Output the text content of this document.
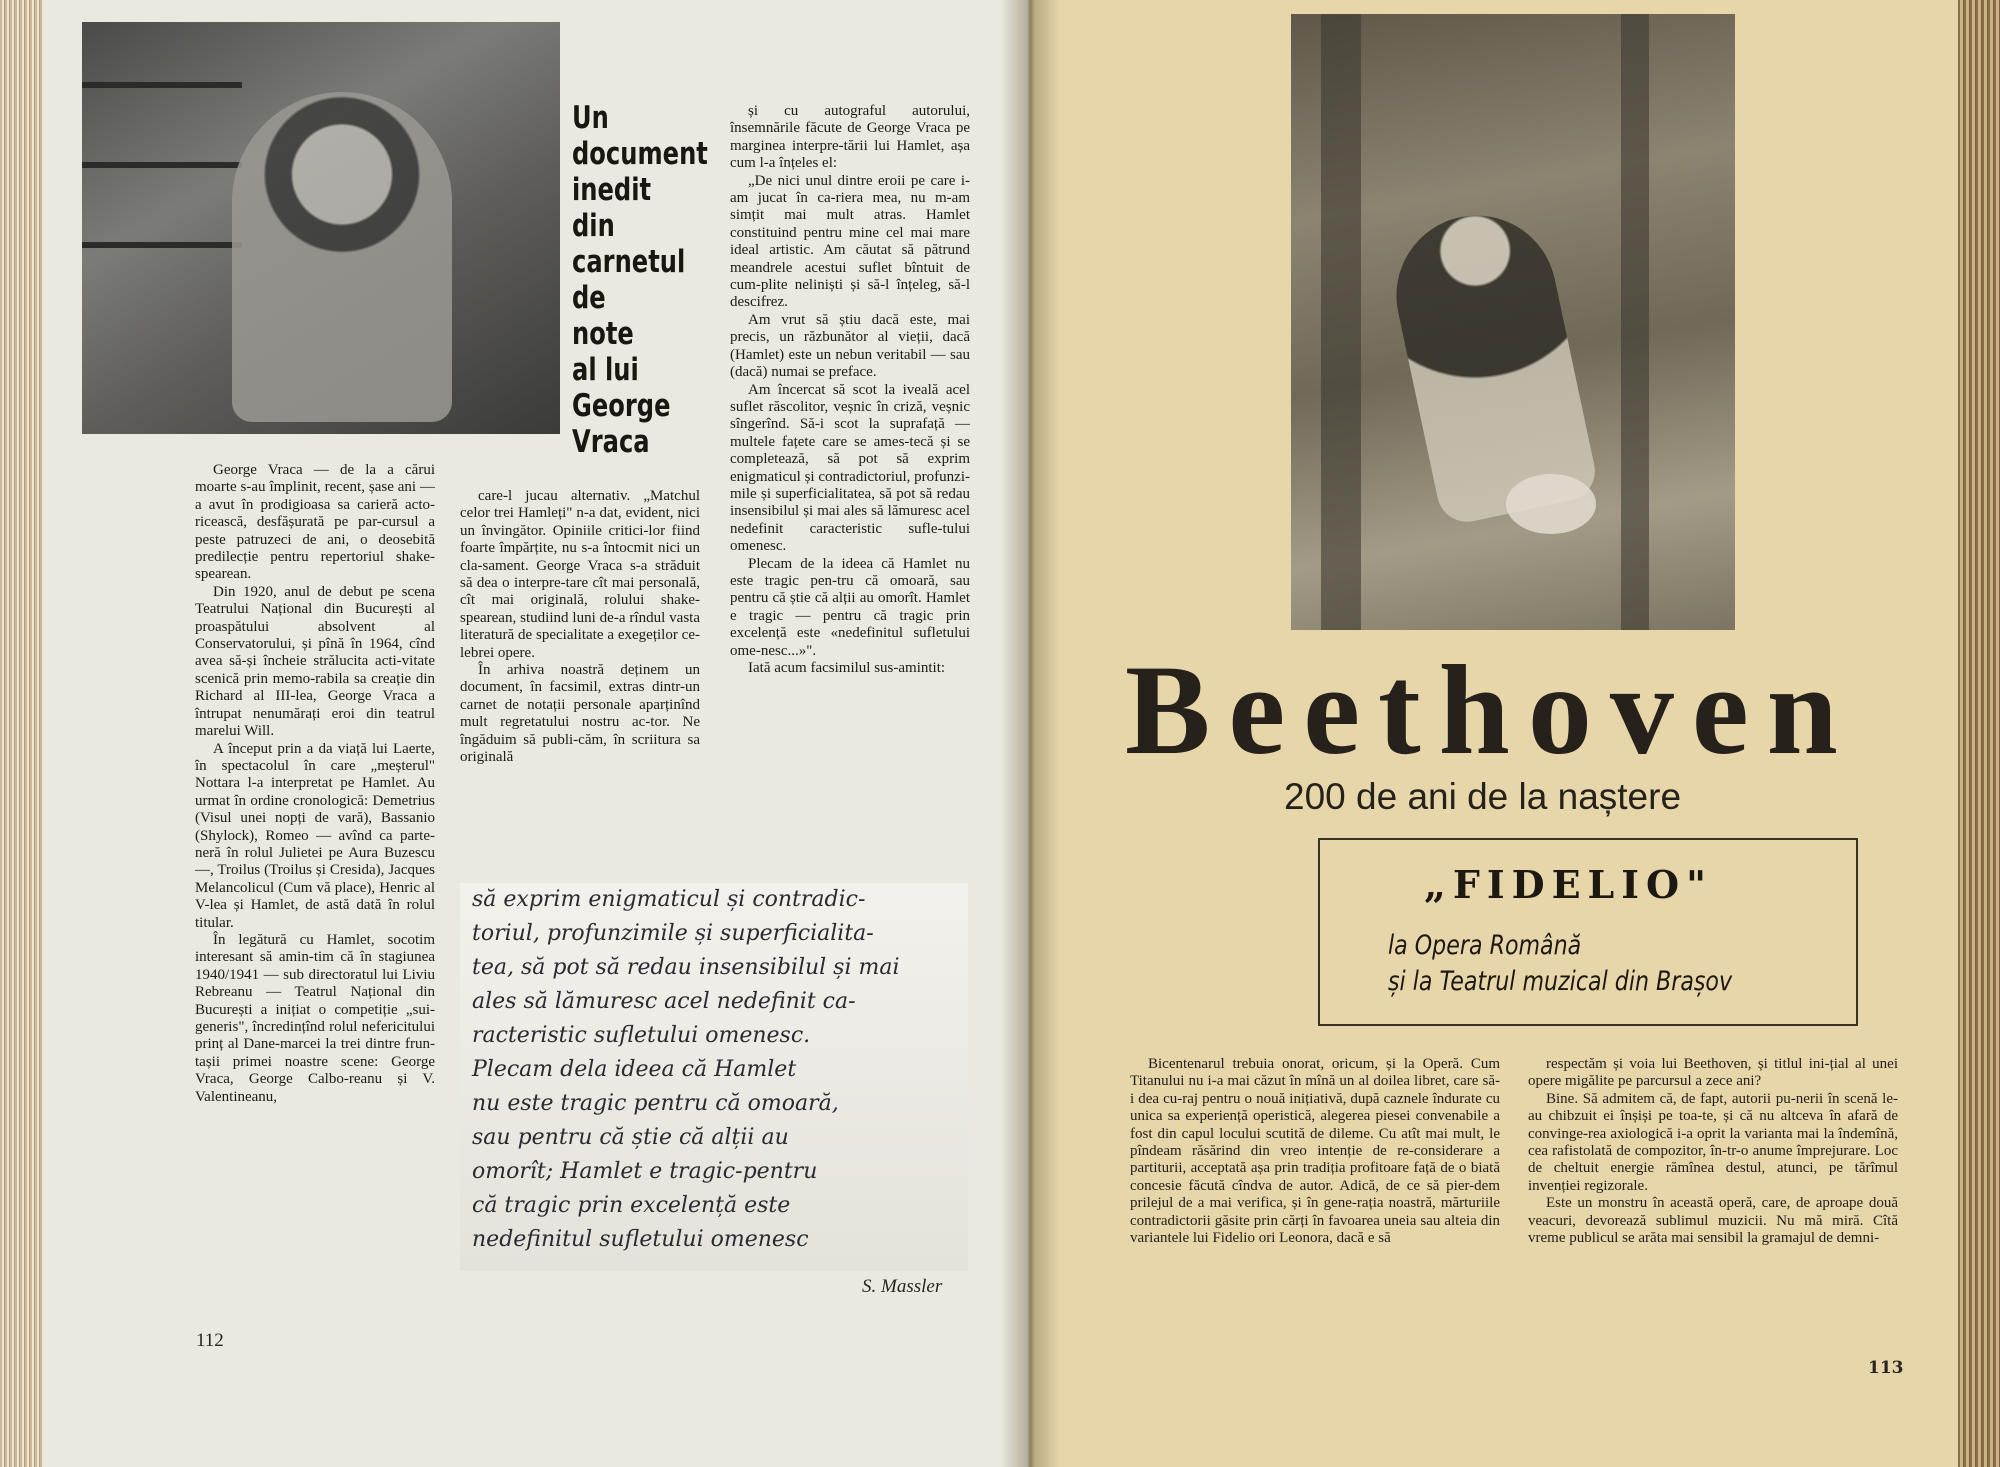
Un
document
inedit
din
carnetul
de note
al lui
George
Vraca

George Vraca — de la a cărui moarte s-au împlinit, recent, șase ani — a avut în prodigioasa sa carieră acto-ricească, desfășurată pe par-cursul a peste patruzeci de ani, o deosebită predilecție pentru repertoriul shake-spearean.

Din 1920, anul de debut pe scena Teatrului Național din București al proaspătului absolvent al Conservatorului, și pînă în 1964, cînd avea să-și încheie strălucita acti-vitate scenică prin memo-rabila sa creație din Richard al III-lea, George Vraca a întrupat nenumărați eroi din teatrul marelui Will.

A început prin a da viață lui Laerte, în spectacolul în care „meșterul" Nottara l-a interpretat pe Hamlet. Au urmat în ordine cronologică: Demetrius (Visul unei nopți de vară), Bassanio (Shylock), Romeo — avînd ca parte-neră în rolul Julietei pe Aura Buzescu —, Troilus (Troilus și Cresida), Jacques Melancolicul (Cum vă place), Henric al V-lea și Hamlet, de astă dată în rolul titular.

În legătură cu Hamlet, socotim interesant să amin-tim că în stagiunea 1940/1941 — sub directoratul lui Liviu Rebreanu — Teatrul Național din București a inițiat o competiție „sui-generis", încredințînd rolul nefericitului prinț al Dane-marcei la trei dintre frun-tașii primei noastre scene: George Vraca, George Calbo-reanu și V. Valentineanu,

care-l jucau alternativ. „Matchul celor trei Hamleți" n-a dat, evident, nici un învingător. Opiniile critici-lor fiind foarte împărțite, nu s-a întocmit nici un cla-sament. George Vraca s-a străduit să dea o interpre-tare cît mai personală, cît mai originală, rolului shake-spearean, studiind luni de-a rîndul vasta literatură de specialitate a exegeților ce-lebrei opere.

În arhiva noastră deținem un document, în facsimil, extras dintr-un carnet de notații personale aparținînd mult regretatului nostru ac-tor. Ne îngăduim să publi-căm, în scriitura sa originală

și cu autograful autorului, însemnările făcute de George Vraca pe marginea interpre-tării lui Hamlet, așa cum l-a înțeles el:

„De nici unul dintre eroii pe care i-am jucat în ca-riera mea, nu m-am simțit mai mult atras. Hamlet constituind pentru mine cel mai mare ideal artistic. Am căutat să pătrund meandrele acestui suflet bîntuit de cum-plite neliniști și să-l înțeleg, să-l descifrez.

Am vrut să știu dacă este, mai precis, un răzbunător al vieții, dacă (Hamlet) este un nebun veritabil — sau (dacă) numai se preface.

Am încercat să scot la iveală acel suflet răscolitor, veșnic în criză, veșnic sîngerînd. Să-i scot la suprafață — multele fațete care se ames-tecă și se completează, să pot să exprim enigmaticul și contradictoriul, profunzi-mile și superficialitatea, să pot să redau insensibilul și mai ales să lămuresc acel nedefinit caracteristic sufle-tului omenesc.

Plecam de la ideea că Hamlet nu este tragic pen-tru că omoară, sau pentru că știe că alții au omorît. Hamlet e tragic — pentru că tragic prin excelență este «nedefinitul sufletului ome-nesc...»".

Iată acum facsimilul sus-amintit:

să exprim enigmaticul și contradic-

toriul, profunzimile și superficialita-

tea, să pot să redau insensibilul și mai

ales să lămuresc acel nedefinit ca-

racteristic sufletului omenesc.

Plecam dela ideea că Hamlet

nu este tragic pentru că omoară,

sau pentru că știe că alții au

omorît; Hamlet e tragic-pentru

că tragic prin excelență este

nedefinitul sufletului omenesc

S. Massler

112

Beethoven

200 de ani de la naștere

„FIDELIO"

la Opera Română

și la Teatrul muzical din Brașov

Bicentenarul trebuia onorat, oricum, și la Operă. Cum Titanului nu i-a mai căzut în mînă un al doilea libret, care să-i dea cu-raj pentru o nouă inițiativă, după caznele îndurate cu unica sa experiență operistică, alegerea piesei convenabile a fost din capul locului scutită de dileme. Cu atît mai mult, le pîndeam răsărind din vreo intenție de re-considerare a partiturii, acceptată așa prin tradiția profitoare față de o biată concesie făcută cîndva de autor. Adică, de ce să pier-dem prilejul de a mai verifica, și în gene-rația noastră, mărturiile contradictorii găsite prin cărți în favoarea uneia sau alteia din variantele lui Fidelio ori Leonora, dacă e să

respectăm și voia lui Beethoven, și titlul ini-țial al unei opere migălite pe parcursul a zece ani?

Bine. Să admitem că, de fapt, autorii pu-nerii în scenă le-au chibzuit ei înșiși pe toa-te, și că nu altceva în afară de convinge-rea axiologică i-a oprit la varianta mai la îndemînă, cea rafistolată de compozitor, în-tr-o anume împrejurare. Loc de cheltuit energie rămînea destul, atunci, pe tărîmul invenției regizorale.

Este un monstru în această operă, care, de aproape două veacuri, devorează sublimul muzicii. Nu mă miră. Cîtă vreme publicul se arăta mai sensibil la gramajul de demni-

113
